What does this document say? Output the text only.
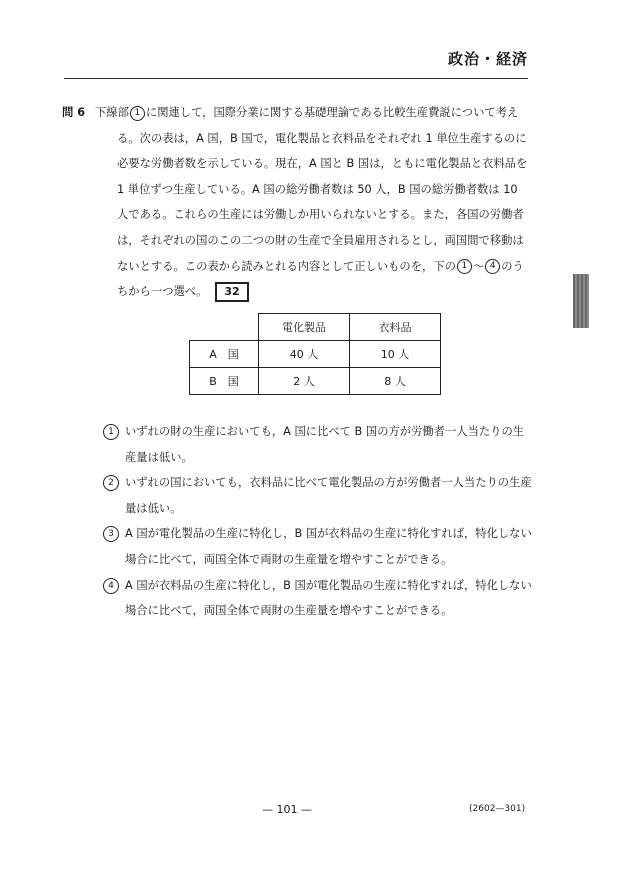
政治・経済
問 6 下線部 1 に関連して，国際分業に関する基礎理論である比較生産費説について考える。次の表は，A 国，B 国で，電化製品と衣料品をそれぞれ 1 単位生産するのに必要な労働者数を示している。現在，A 国と B 国は，ともに電化製品と衣料品を 1 単位ずつ生産している。A 国の総労働者数は 50 人，B 国の総労働者数は 10 人である。これらの生産には労働しか用いられないとする。また，各国の労働者は，それぞれの国のこの二つの財の生産で全員雇用されるとし，両国間で移動はないとする。この表から読みとれる内容として正しいものを，下の 1 ～ 4 のうちから一つ選べ。 32
	電化製品	衣料品
A　国	40 人	10 人
B　国	2 人	8 人
1 いずれの財の生産においても，A 国に比べて B 国の方が労働者一人当たりの生産量は低い。
2 いずれの国においても，衣料品に比べて電化製品の方が労働者一人当たりの生産量は低い。
3 A 国が電化製品の生産に特化し，B 国が衣料品の生産に特化すれば，特化しない場合に比べて，両国全体で両財の生産量を増やすことができる。
4 A 国が衣料品の生産に特化し，B 国が電化製品の生産に特化すれば，特化しない場合に比べて，両国全体で両財の生産量を増やすことができる。
— 101 —	(2602—301)
